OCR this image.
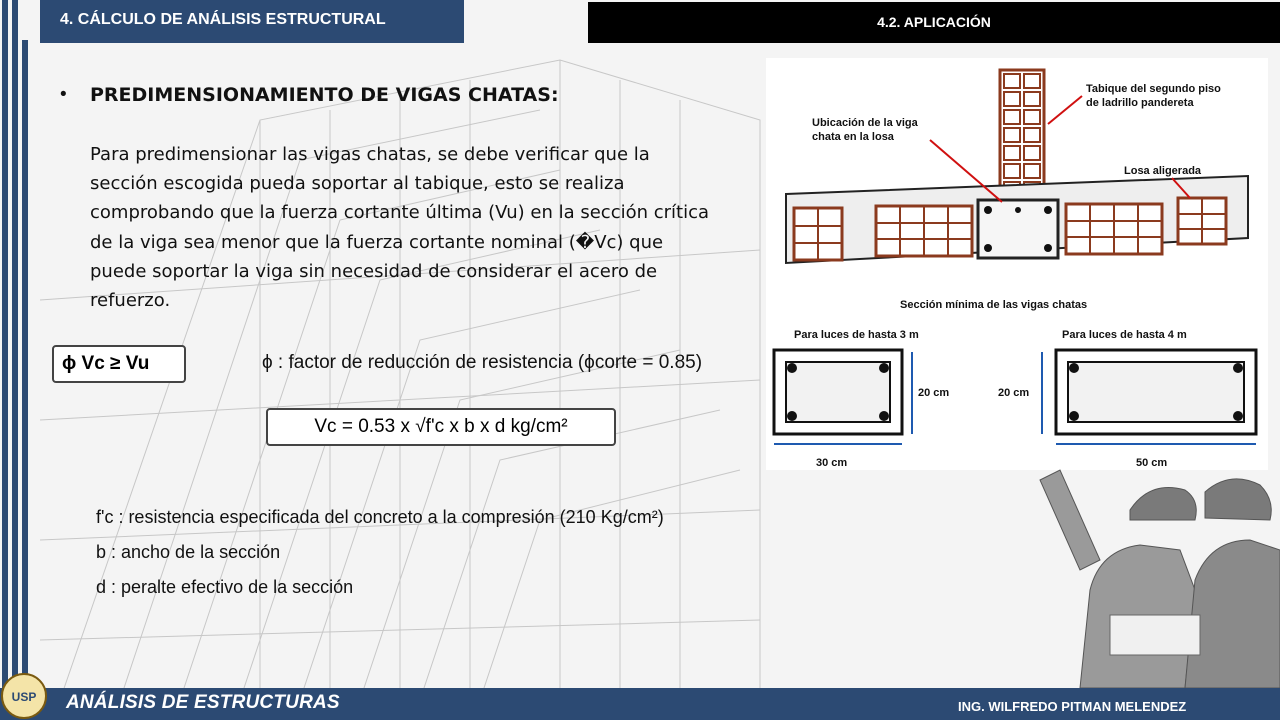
4. CÁLCULO DE ANÁLISIS ESTRUCTURAL	4.2. APLICACIÓN
• PREDIMENSIONAMIENTO DE VIGAS CHATAS:
Para predimensionar las vigas chatas, se debe verificar que la sección escogida pueda soportar al tabique, esto se realiza comprobando que la fuerza cortante última (Vu) en la sección crítica de la viga sea menor que la fuerza cortante nominal (�Vc) que puede soportar la viga sin necesidad de considerar el acero de refuerzo.
ϕ Vc ≥ Vu	ϕ : factor de reducción de resistencia (ϕcorte = 0.85)
Vc = 0.53 x √f'c x b x d kg/cm²
f'c : resistencia especificada del concreto a la compresión (210 Kg/cm²)
b : ancho de la sección
d : peralte efectivo de la sección
Tabique del segundo piso
de ladrillo pandereta
Ubicación de la viga
chata en la losa
Losa aligerada
Sección mínima de las vigas chatas
Para luces de hasta 3 m	Para luces de hasta 4 m
20 cm
30 cm
20 cm
50 cm
USP ANÁLISIS DE ESTRUCTURAS	ING. WILFREDO PITMAN MELENDEZ
